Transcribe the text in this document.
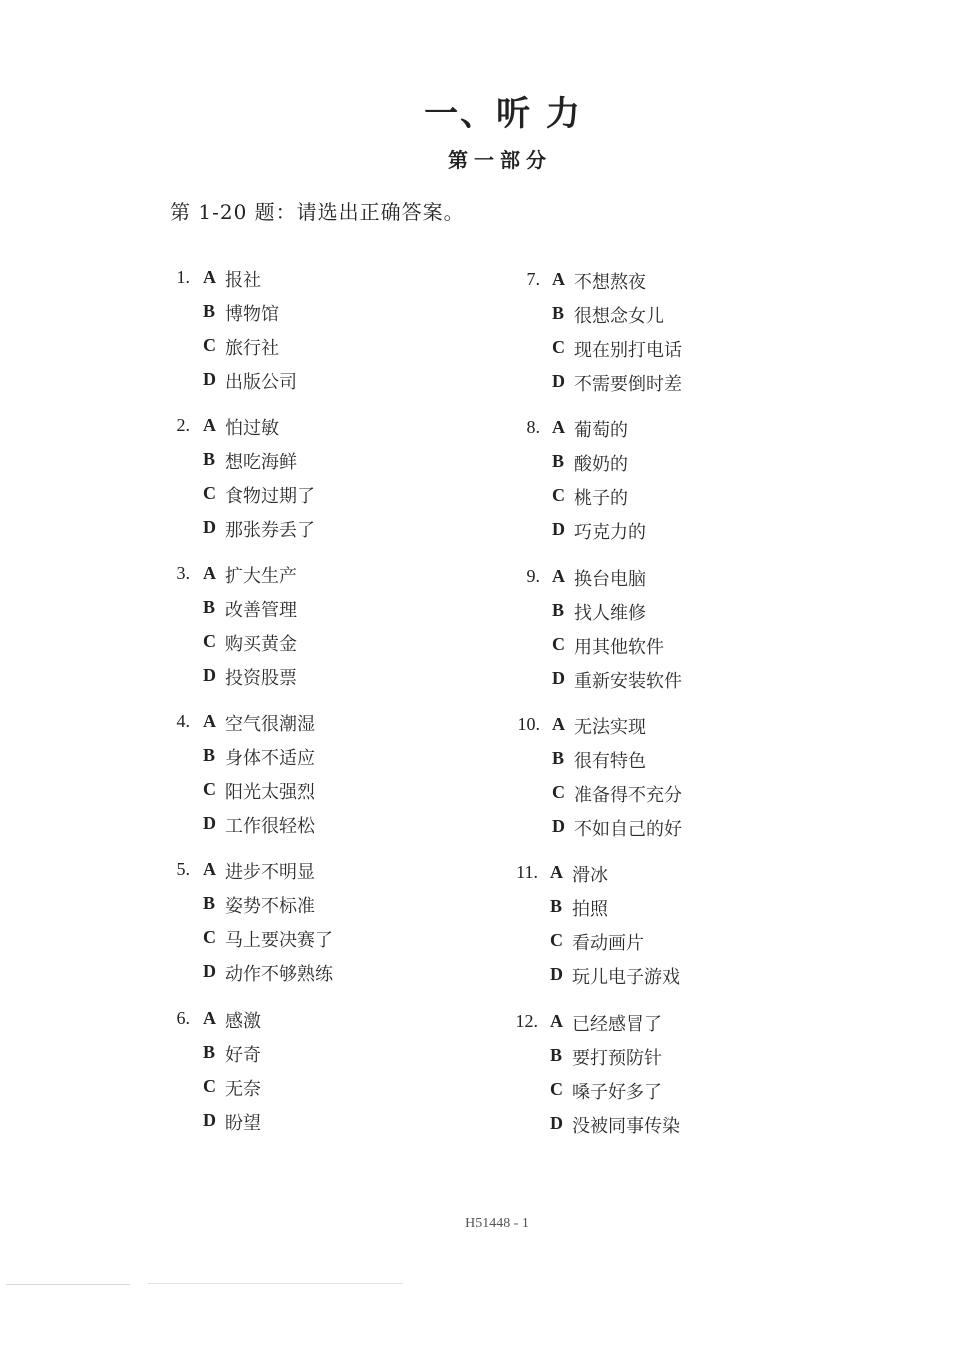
一、听 力
第一部分
第 1-20 题：请选出正确答案。
1. A 报社
B 博物馆
C 旅行社
D 出版公司
2. A 怕过敏
B 想吃海鲜
C 食物过期了
D 那张券丢了
3. A 扩大生产
B 改善管理
C 购买黄金
D 投资股票
4. A 空气很潮湿
B 身体不适应
C 阳光太强烈
D 工作很轻松
5. A 进步不明显
B 姿势不标准
C 马上要决赛了
D 动作不够熟练
6. A 感激
B 好奇
C 无奈
D 盼望
7. A 不想熬夜
B 很想念女儿
C 现在别打电话
D 不需要倒时差
8. A 葡萄的
B 酸奶的
C 桃子的
D 巧克力的
9. A 换台电脑
B 找人维修
C 用其他软件
D 重新安装软件
10. A 无法实现
B 很有特色
C 准备得不充分
D 不如自己的好
11. A 滑冰
B 拍照
C 看动画片
D 玩儿电子游戏
12. A 已经感冒了
B 要打预防针
C 嗓子好多了
D 没被同事传染
H51448 - 1
